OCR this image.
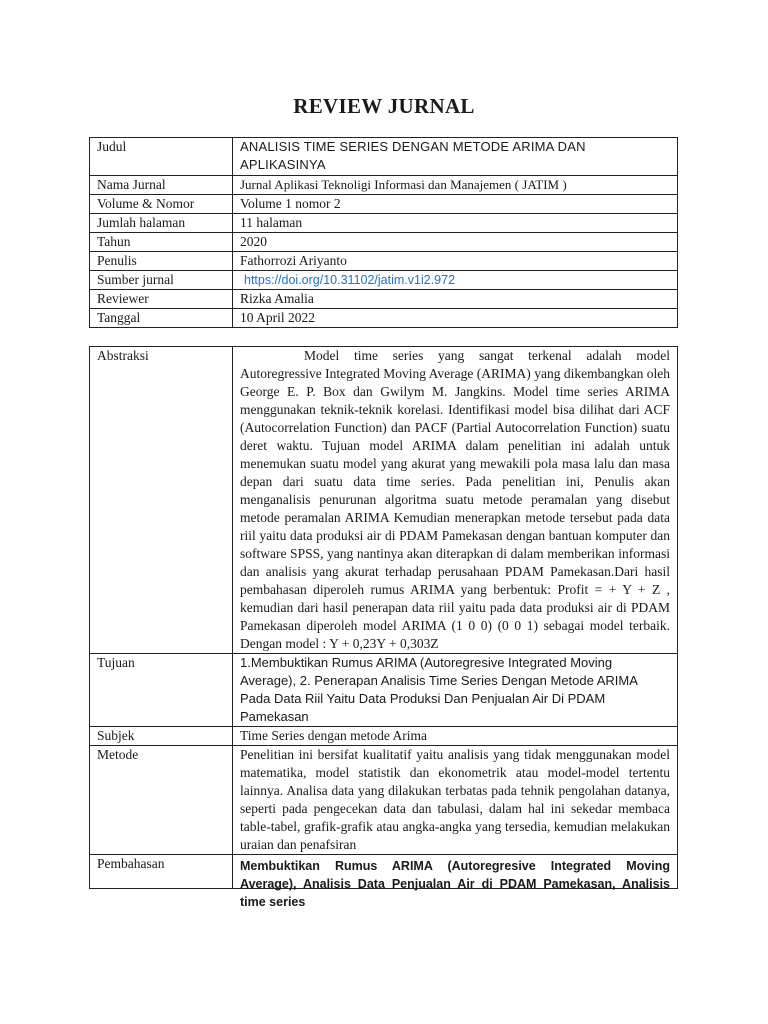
REVIEW JURNAL
Judul	ANALISIS TIME SERIES DENGAN METODE ARIMA DAN APLIKASINYA
Nama Jurnal	Jurnal Aplikasi Teknoligi Informasi dan Manajemen ( JATIM )
Volume & Nomor	Volume 1 nomor 2
Jumlah halaman	11 halaman
Tahun	2020
Penulis	Fathorrozi Ariyanto
Sumber jurnal	https://doi.org/10.31102/jatim.v1i2.972
Reviewer	Rizka Amalia
Tanggal	10 April 2022
Abstraksi	Model time series yang sangat terkenal adalah model Autoregressive Integrated Moving Average (ARIMA) yang dikembangkan oleh George E. P. Box dan Gwilym M. Jangkins. Model time series ARIMA menggunakan teknik-teknik korelasi. Identifikasi model bisa dilihat dari ACF (Autocorrelation Function) dan PACF (Partial Autocorrelation Function) suatu deret waktu. Tujuan model ARIMA dalam penelitian ini adalah untuk menemukan suatu model yang akurat yang mewakili pola masa lalu dan masa depan dari suatu data time series. Pada penelitian ini, Penulis akan menganalisis penurunan algoritma suatu metode peramalan yang disebut metode peramalan ARIMA Kemudian menerapkan metode tersebut pada data riil yaitu data produksi air di PDAM Pamekasan dengan bantuan komputer dan software SPSS, yang nantinya akan diterapkan di dalam memberikan informasi dan analisis yang akurat terhadap perusahaan PDAM Pamekasan.Dari hasil pembahasan diperoleh rumus ARIMA yang berbentuk: Profit = + Y + Z , kemudian dari hasil penerapan data riil yaitu pada data produksi air di PDAM Pamekasan diperoleh model ARIMA (1 0 0) (0 0 1) sebagai model terbaik. Dengan model : Y + 0,23Y + 0,303Z
Tujuan	1.Membuktikan Rumus ARIMA (Autoregresive Integrated Moving Average), 2. Penerapan Analisis Time Series Dengan Metode ARIMA Pada Data Riil Yaitu Data Produksi Dan Penjualan Air Di PDAM Pamekasan
Subjek	Time Series dengan metode Arima
Metode	Penelitian ini bersifat kualitatif yaitu analisis yang tidak menggunakan model matematika, model statistik dan ekonometrik atau model-model tertentu lainnya. Analisa data yang dilakukan terbatas pada tehnik pengolahan datanya, seperti pada pengecekan data dan tabulasi, dalam hal ini sekedar membaca table-tabel, grafik-grafik atau angka-angka yang tersedia, kemudian melakukan uraian dan penafsiran
Pembahasan	Membuktikan Rumus ARIMA (Autoregresive Integrated Moving Average), Analisis Data Penjualan Air di PDAM Pamekasan, Analisis time series
